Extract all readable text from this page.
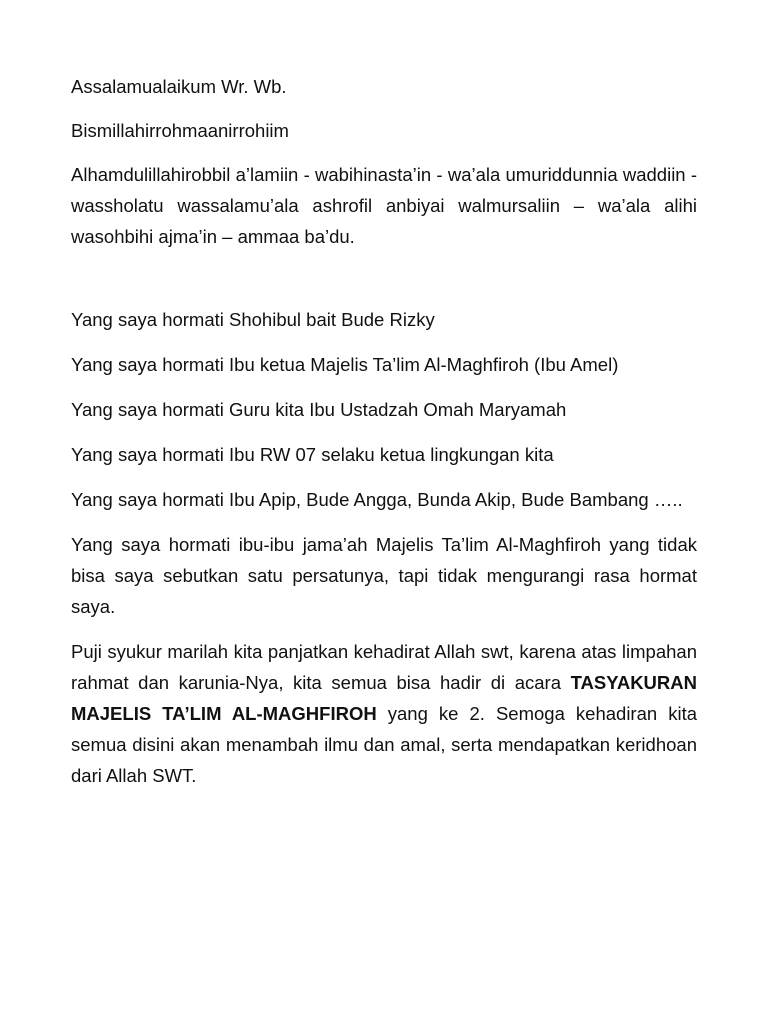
Assalamualaikum Wr. Wb.

Bismillahirrohmaanirrohiim

Alhamdulillahirobbil a’lamiin - wabihinasta’in - wa’ala umuriddunnia waddiin - wassholatu wassalamu’ala ashrofil anbiyai walmursaliin – wa’ala alihi wasohbihi ajma’in – ammaa ba’du.

Yang saya hormati Shohibul bait Bude Rizky

Yang saya hormati Ibu ketua Majelis Ta’lim Al-Maghfiroh (Ibu Amel)

Yang saya hormati Guru kita Ibu Ustadzah Omah Maryamah

Yang saya hormati Ibu RW 07 selaku ketua lingkungan kita

Yang saya hormati Ibu Apip, Bude Angga, Bunda Akip, Bude Bambang …..

Yang saya hormati ibu-ibu jama’ah Majelis Ta’lim Al-Maghfiroh yang tidak bisa saya sebutkan satu persatunya, tapi tidak mengurangi rasa hormat saya.

Puji syukur marilah kita panjatkan kehadirat Allah swt, karena atas limpahan rahmat dan karunia-Nya, kita semua bisa hadir di acara TASYAKURAN MAJELIS TA’LIM AL-MAGHFIROH yang ke 2. Semoga kehadiran kita semua disini akan menambah ilmu dan amal, serta mendapatkan keridhoan dari Allah SWT.
